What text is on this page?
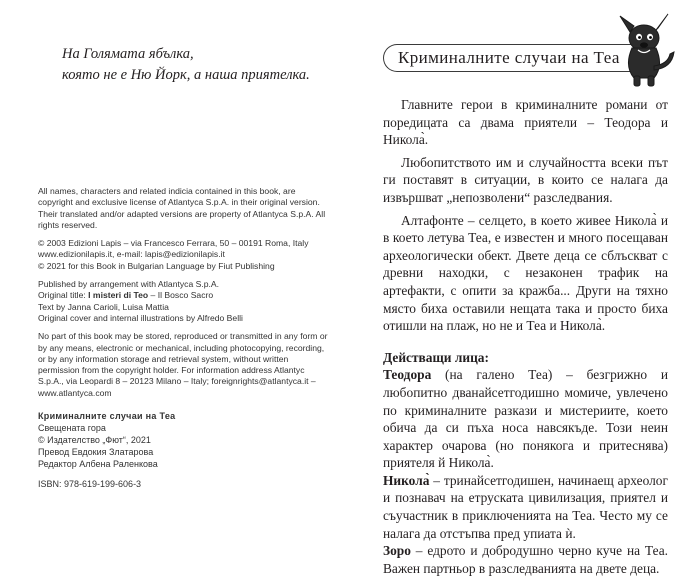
На Голямата ябълка,
която не е Ню Йорк, а наша приятелка.

All names, characters and related indicia contained in this book, are copyright and exclusive license of Atlantyca S.p.A. in their original version. Their translated and/or adapted versions are property of Atlantyca S.p.A. All rights reserved.

© 2003 Edizioni Lapis – via Francesco Ferrara, 50 – 00191 Roma, Italy

www.edizionilapis.it, e-mail: lapis@edizionilapis.it

© 2021 for this Book in Bulgarian Language by Fiut Publishing

Published by arrangement with Atlantyca S.p.A.

Original title: I misteri di Teo – Il Bosco Sacro

Text by Janna Carioli, Luisa Mattia

Original cover and internal illustrations by Alfredo Belli

No part of this book may be stored, reproduced or transmitted in any form or by any means, electronic or mechanical, including photocopying, recording, or by any information storage and retrieval system, without written permission from the copyright holder. For information address Atlantyc S.p.A., via Leopardi 8 – 20123 Milano – Italy; foreignrights@atlantyca.it – www.atlantyca.com

Криминалните случаи на Теа
Свещената гора
© Издателство „Фют“, 2021
Превод Евдокия Златарова
Редактор Албена Раленкова
ISBN: 978-619-199-606-3
Криминалните случаи на Теа

Главните герои в криминалните романи от поредицата са двама приятели – Теодора и Никола̀.

Любопитството им и случайността всеки път ги поставят в ситуации, в които се налага да извършват „непозволени“ разследвания.

Алтафонте – селцето, в което живее Никола̀ и в което летува Теа, е известен и много посещаван археологически обект. Двете деца се сблъскват с древни находки, с незаконен трафик на артефакти, с опити за кражба... Други на тяхно място биха оставили нещата така и просто биха отишли на плаж, но не и Теа и Никола̀.

Действащи лица:

Теодора (на галено Теа) – безгрижно и любопитно дванайсетгодишно момиче, увлечено по криминалните разкази и мистериите, което обича да си пъха носа навсякъде. Този неин характер очарова (но понякога и притеснява) приятеля й Никола̀.

Никола̀ – тринайсетгодишен, начинаещ археолог и познавач на етруската цивилизация, приятел и съучастник в приключенията на Теа. Често му се налага да отстъпва пред упиата ѝ.

Зоро – едрото и добродушно черно куче на Теа. Важен партньор в разследванията на двете деца.
